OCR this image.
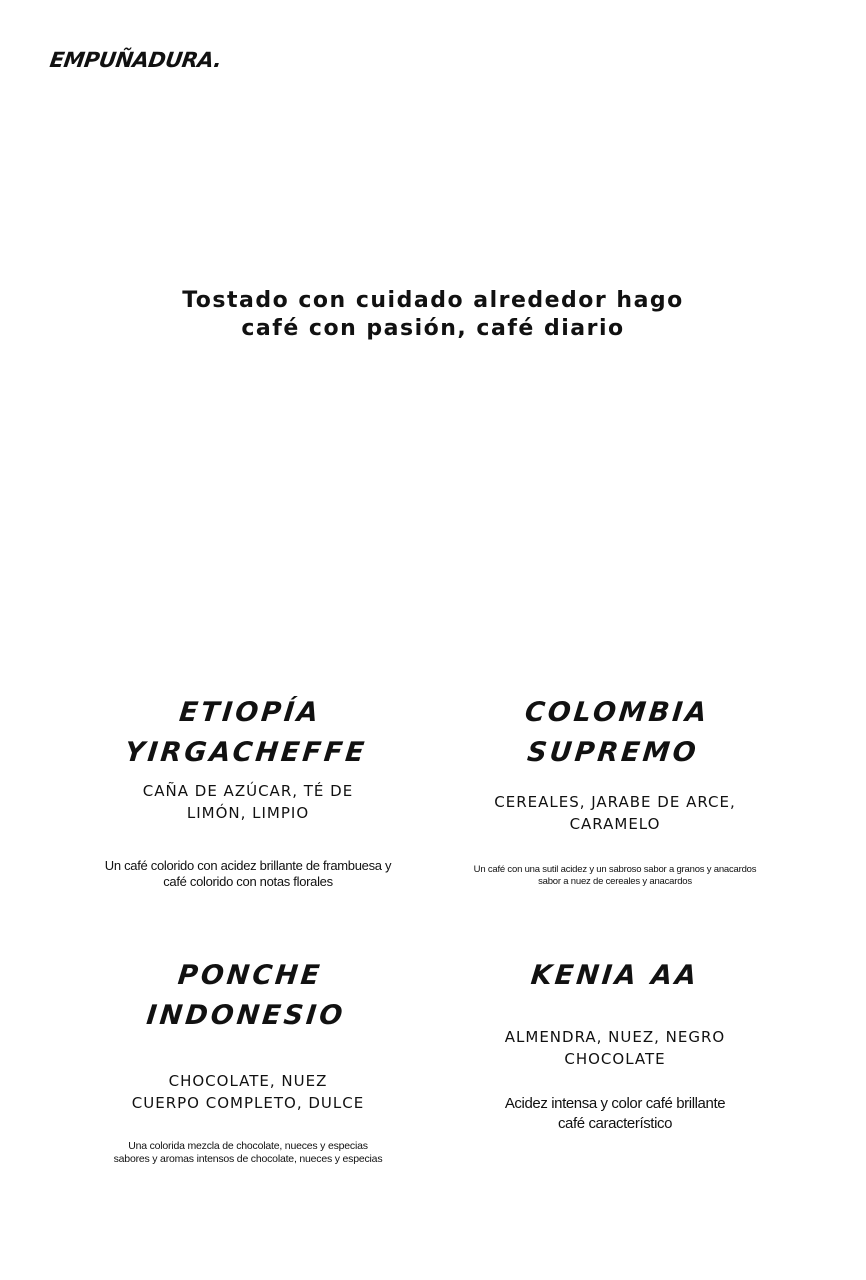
EMPUÑADURA.
Tostado con cuidado alrededor hago
café con pasión, café diario
ETIOPÍA
YIRGACHEFFE

CAÑA DE AZÚCAR, TÉ DE
LIMÓN, LIMPIO

Un café colorido con acidez brillante de frambuesa y
café colorido con notas florales

COLOMBIA
SUPREMO

CEREALES, JARABE DE ARCE,
CARAMELO

Un café con una sutil acidez y un sabroso sabor a granos y anacardos
sabor a nuez de cereales y anacardos

PONCHE INDONESIO

CHOCOLATE, NUEZ
CUERPO COMPLETO, DULCE

Una colorida mezcla de chocolate, nueces y especias
sabores y aromas intensos de chocolate, nueces y especias

KENIA AA

ALMENDRA, NUEZ, NEGRO
CHOCOLATE

Acidez intensa y color café brillante
café característico
